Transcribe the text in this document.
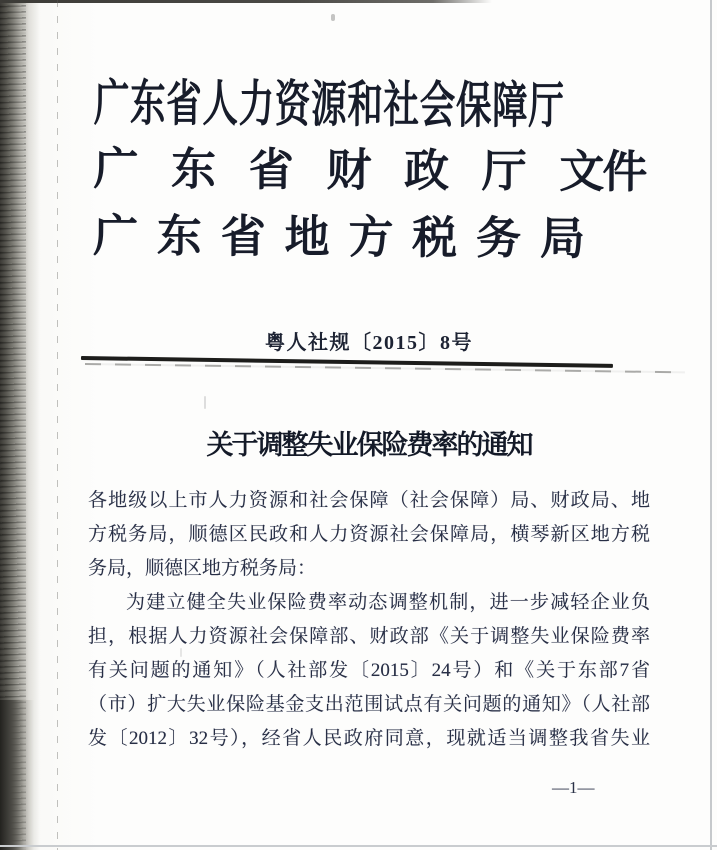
广东省人力资源和社会保障厅
广 东 省 财 政 厅 文件
广 东 省 地 方 税 务 局
粤人社规〔2015〕8号
关于调整失业保险费率的通知
各地级以上市人力资源和社会保障（社会保障）局、财政局、地
方税务局，顺德区民政和人力资源社会保障局，横琴新区地方税
务局，顺德区地方税务局：
为建立健全失业保险费率动态调整机制，进一步减轻企业负
担，根据人力资源社会保障部、财政部《关于调整失业保险费率
有关问题的通知》（人社部发〔2015〕24号）和《关于东部7省
（市）扩大失业保险基金支出范围试点有关问题的通知》（人社部
发〔2012〕32号），经省人民政府同意，现就适当调整我省失业
—1—
